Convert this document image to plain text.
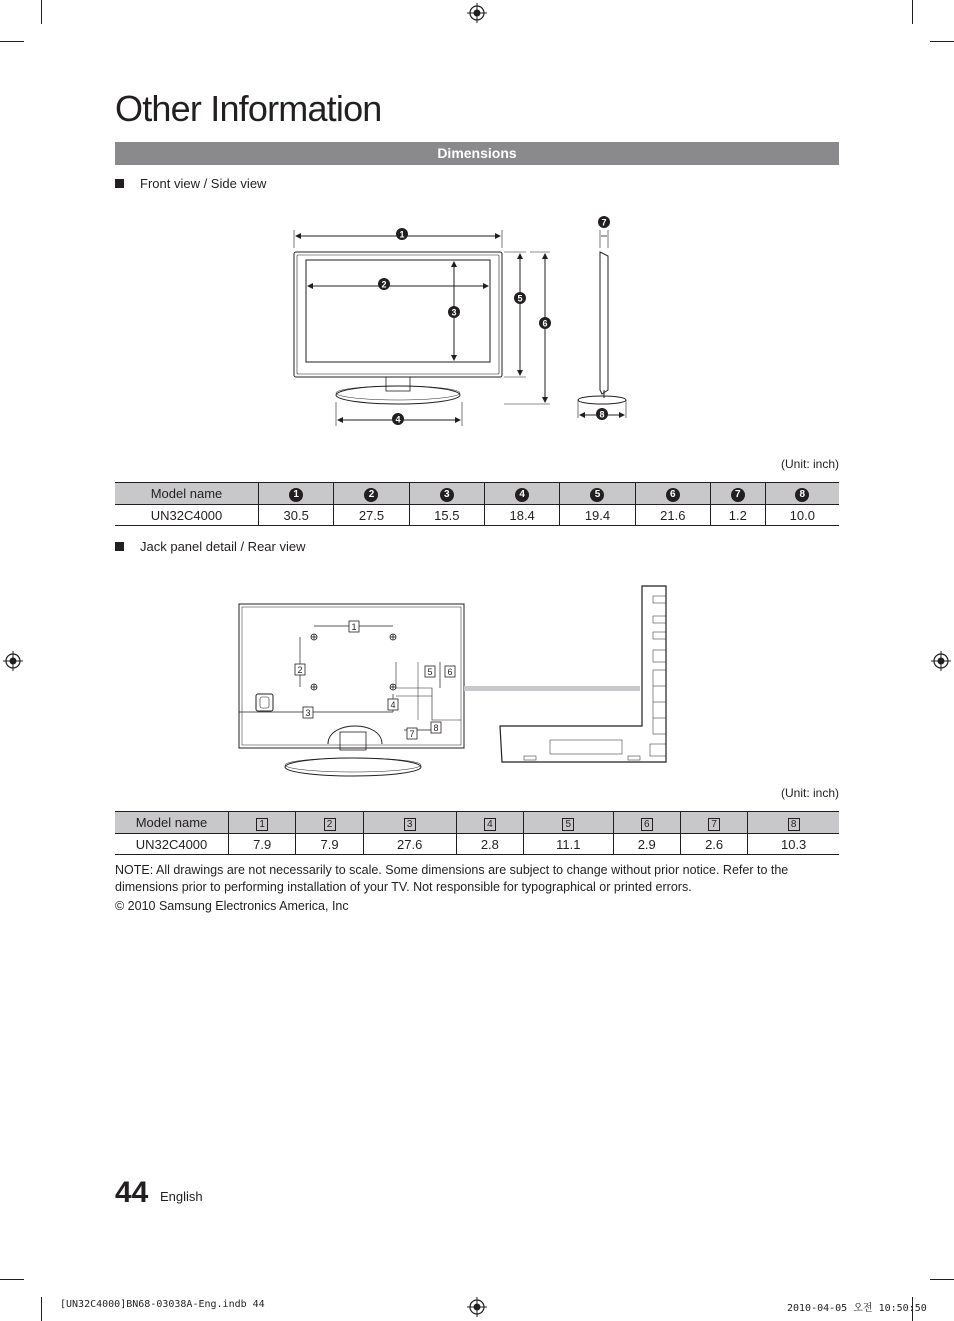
Other Information
Dimensions
Front view / Side view
1
2
3
4
5
6
7
8
(Unit: inch)
Model name	1	2	3	4	5	6	7	8
UN32C4000	30.5	27.5	15.5	18.4	19.4	21.6	1.2	10.0
Jack panel detail / Rear view
1
2
3
4
5 6
7
8
(Unit: inch)
Model name	1	2	3	4	5	6	7	8
UN32C4000	7.9	7.9	27.6	2.8	11.1	2.9	2.6	10.3
NOTE: All drawings are not necessarily to scale. Some dimensions are subject to change without prior notice. Refer to the dimensions prior to performing installation of your TV. Not responsible for typographical or printed errors.
© 2010 Samsung Electronics America, Inc
44 English
[UN32C4000]BN68-03038A-Eng.indb 44	2010-04-05 오전 10:50:50
